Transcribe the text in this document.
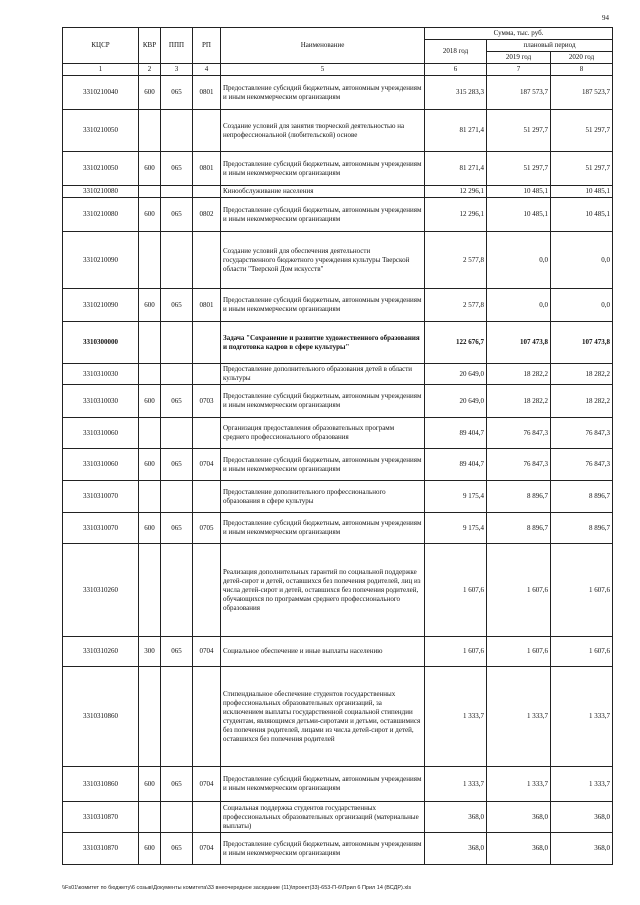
94
КЦСР	КВР	ППП	РП	Наименование	Сумма, тыс. руб.		
					2018 год	плановый период	
						2019 год	2020 год
1	2	3	4	5	6	7	8
3310210040	600	065	0801	Предоставление субсидий бюджетным, автономным учреждениям и иным некоммерческим организациям	315 283,3	187 573,7	187 523,7
3310210050				Создание условий для занятия творческой деятельностью на непрофессиональной (любительской) основе	81 271,4	51 297,7	51 297,7
3310210050	600	065	0801	Предоставление субсидий бюджетным, автономным учреждениям и иным некоммерческим организациям	81 271,4	51 297,7	51 297,7
3310210080				Кинообслуживание населения	12 296,1	10 485,1	10 485,1
3310210080	600	065	0802	Предоставление субсидий бюджетным, автономным учреждениям и иным некоммерческим организациям	12 296,1	10 485,1	10 485,1
3310210090				Создание условий для обеспечения деятельности государственного бюджетного учреждения культуры Тверской области "Тверской Дом искусств"	2 577,8	0,0	0,0
3310210090	600	065	0801	Предоставление субсидий бюджетным, автономным учреждениям и иным некоммерческим организациям	2 577,8	0,0	0,0
3310300000				Задача "Сохранение и развитие художественного образования и подготовка кадров в сфере культуры"	122 676,7	107 473,8	107 473,8
3310310030				Предоставление дополнительного образования детей в области культуры	20 649,0	18 282,2	18 282,2
3310310030	600	065	0703	Предоставление субсидий бюджетным, автономным учреждениям и иным некоммерческим организациям	20 649,0	18 282,2	18 282,2
3310310060				Организация предоставления образовательных программ среднего профессионального образования	89 404,7	76 847,3	76 847,3
3310310060	600	065	0704	Предоставление субсидий бюджетным, автономным учреждениям и иным некоммерческим организациям	89 404,7	76 847,3	76 847,3
3310310070				Предоставление дополнительного профессионального образования в сфере культуры	9 175,4	8 896,7	8 896,7
3310310070	600	065	0705	Предоставление субсидий бюджетным, автономным учреждениям и иным некоммерческим организациям	9 175,4	8 896,7	8 896,7
3310310260				Реализация дополнительных гарантий по социальной поддержке детей-сирот и детей, оставшихся без попечения родителей, лиц из числа детей-сирот и детей, оставшихся без попечения родителей, обучающихся по программам среднего профессионального образования	1 607,6	1 607,6	1 607,6
3310310260	300	065	0704	Социальное обеспечение и иные выплаты населению	1 607,6	1 607,6	1 607,6
3310310860				Стипендиальное обеспечение студентов государственных профессиональных образовательных организаций, за исключением выплаты государственной социальной стипендии студентам, являющимся детьми-сиротами и детьми, оставшимися без попечения родителей, лицами из числа детей-сирот и детей, оставшихся без попечения родителей	1 333,7	1 333,7	1 333,7
3310310860	600	065	0704	Предоставление субсидий бюджетным, автономным учреждениям и иным некоммерческим организациям	1 333,7	1 333,7	1 333,7
3310310870				Социальная поддержка студентов государственных профессиональных образовательных организаций (материальные выплаты)	368,0	368,0	368,0
3310310870	600	065	0704	Предоставление субсидий бюджетным, автономным учреждениям и иным некоммерческим организациям	368,0	368,0	368,0
\\Fs01\комитет по бюджету\6 созыв\Документы комитета\33 внеочередное заседание (11)\проект(33)-653-П-6\Прил 6 Прил 14 (ВСДР).xls
